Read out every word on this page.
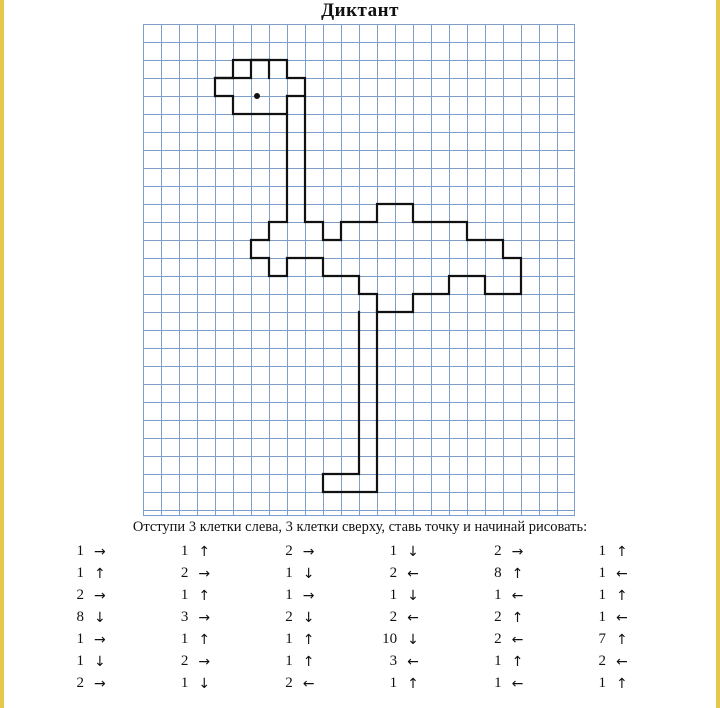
Диктант
Отступи 3 клетки слева, 3 клетки сверху, ставь точку и начинай рисовать:
1 →
1 ↑
2 →
8 ↓
1 →
1 ↓
2 →
1 ↑
2 →
1 ↑
3 →
1 ↑
2 →
1 ↓
2 →
1 ↓
1 →
2 ↓
1 ↑
1 ↑
2 ←
1 ↓
2 ←
1 ↓
2 ←
10 ↓
3 ←
1 ↑
2 →
8 ↑
1 ←
2 ↑
2 ←
1 ↑
1 ←
1 ↑
1 ←
1 ↑
1 ←
7 ↑
2 ←
1 ↑
